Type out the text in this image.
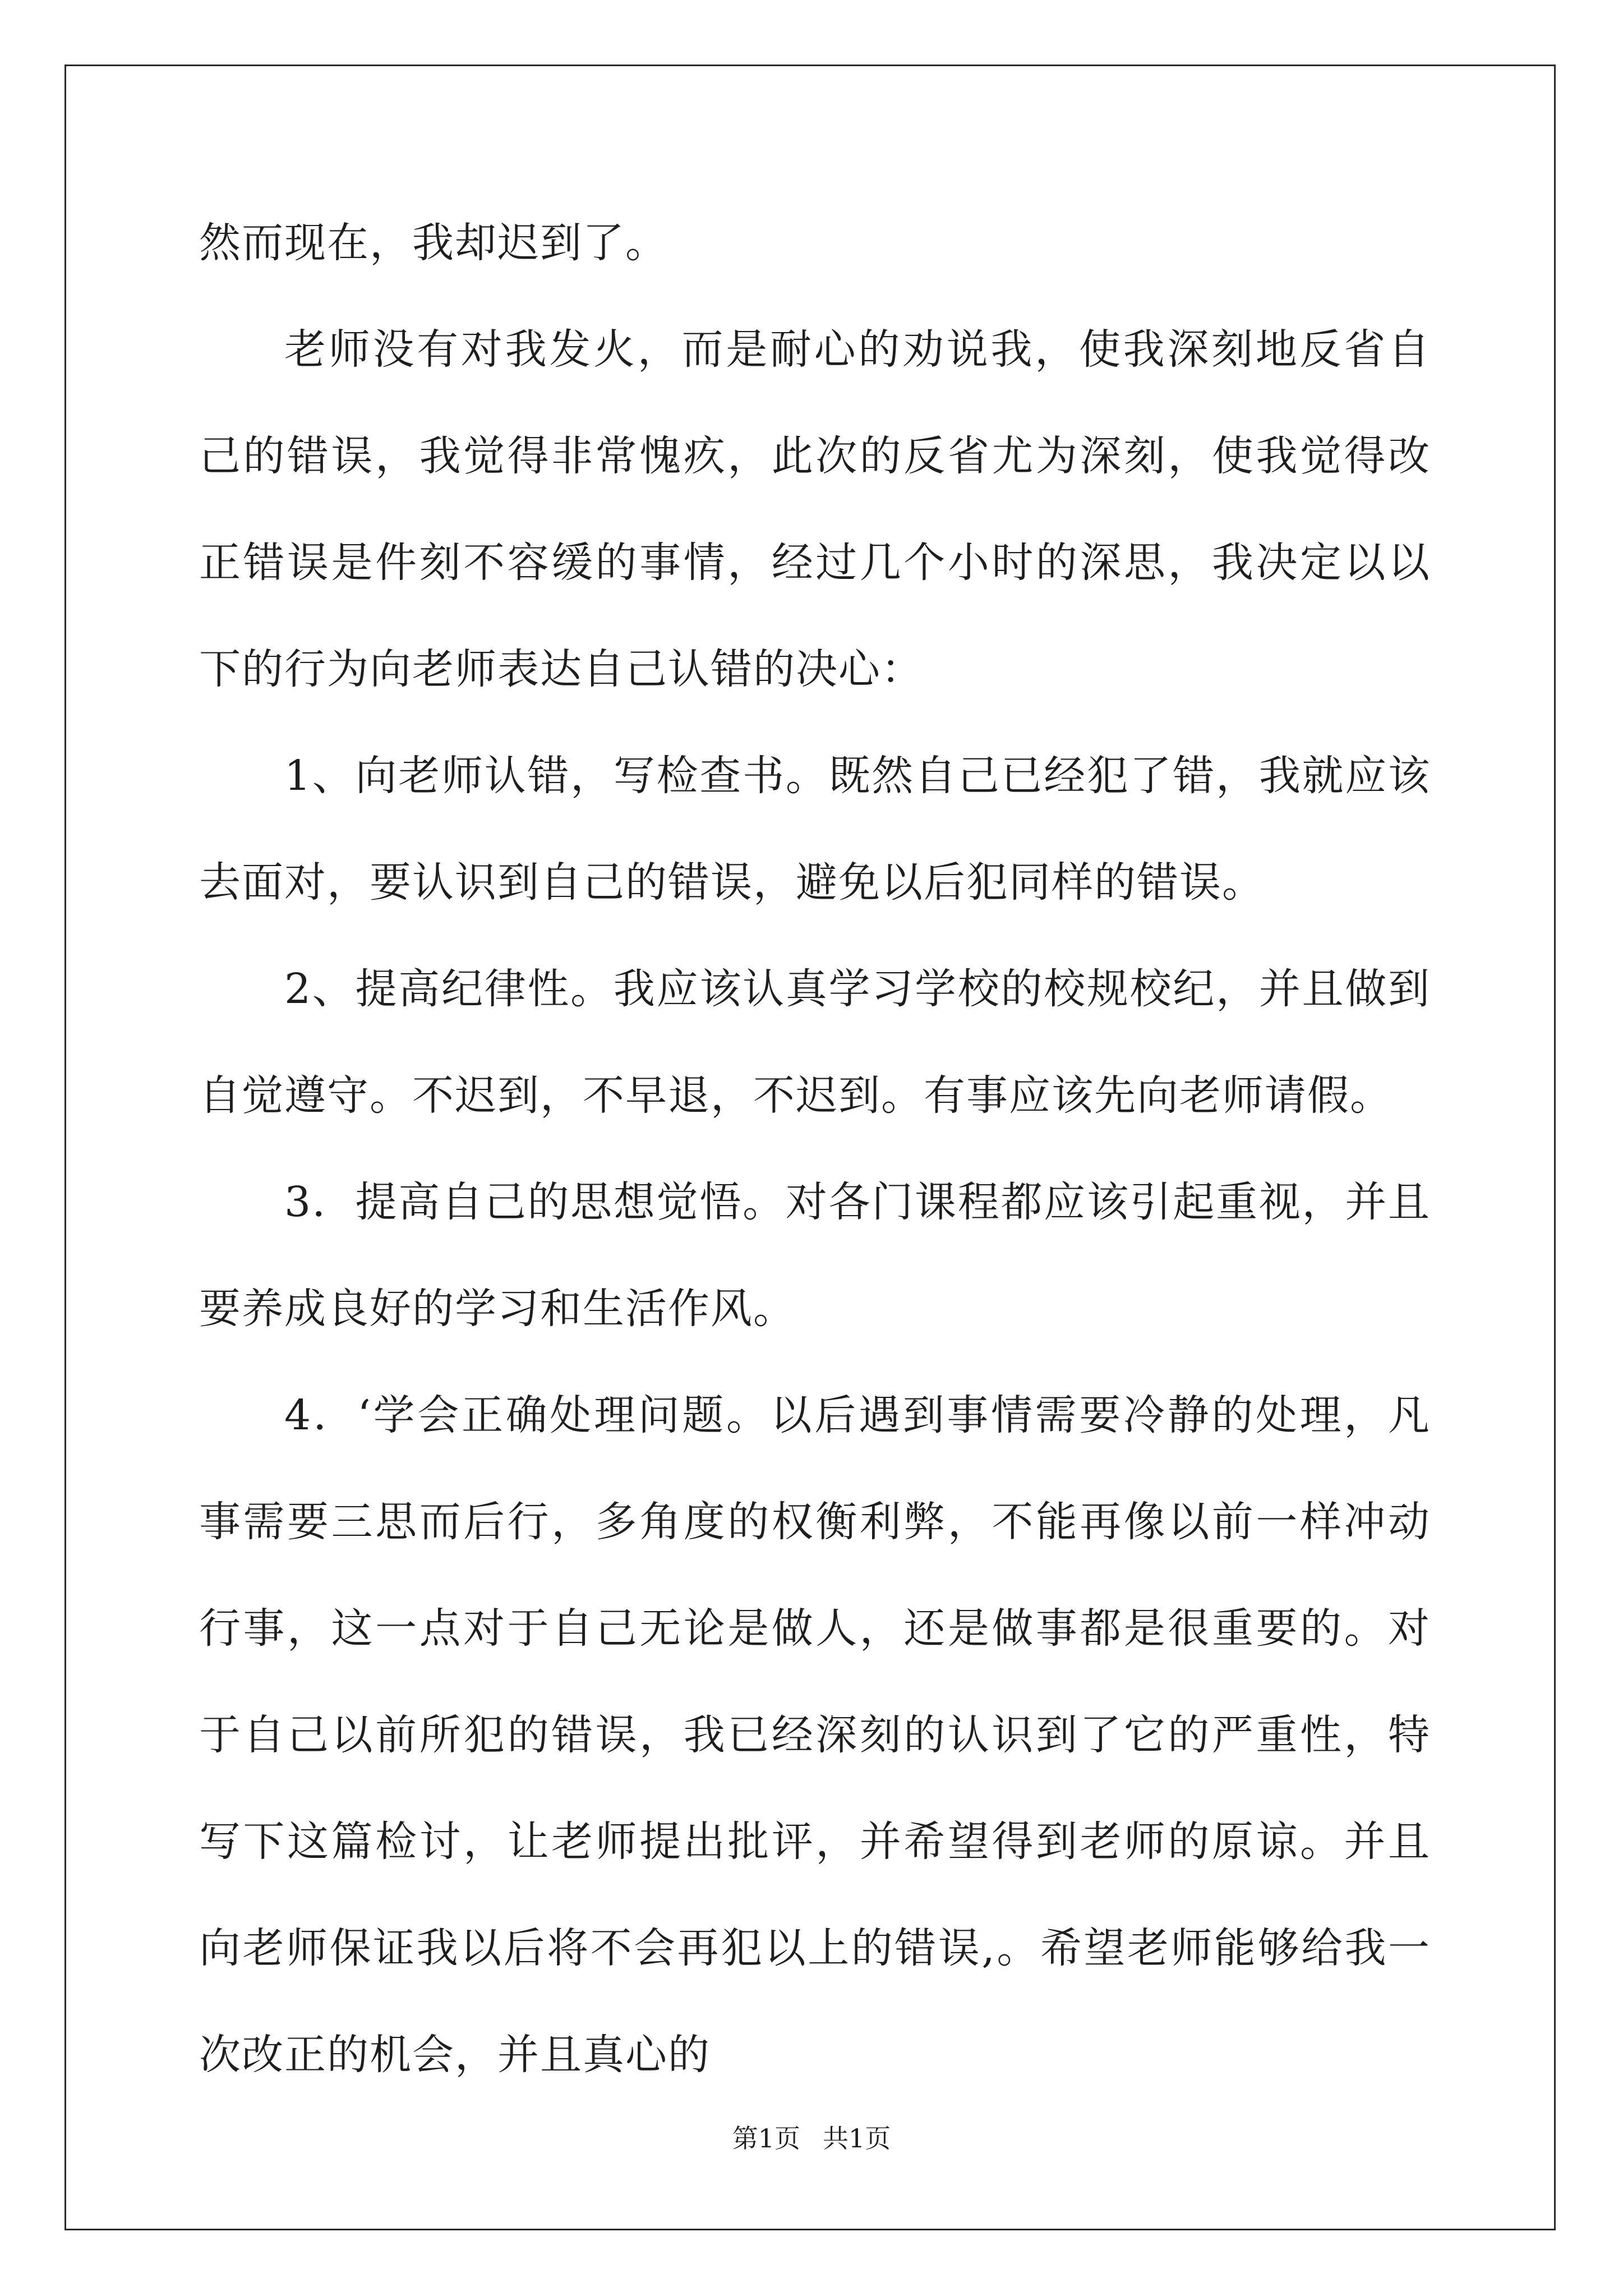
然而现在，我却迟到了。

老师没有对我发火，而是耐心的劝说我，使我深刻地反省自己的错误，我觉得非常愧疚，此次的反省尤为深刻，使我觉得改正错误是件刻不容缓的事情，经过几个小时的深思，我决定以以下的行为向老师表达自己认错的决心：

1、向老师认错，写检查书。既然自己已经犯了错，我就应该去面对，要认识到自己的错误，避免以后犯同样的错误。

2、提高纪律性。我应该认真学习学校的校规校纪，并且做到自觉遵守。不迟到，不早退，不迟到。有事应该先向老师请假。

3．提高自己的思想觉悟。对各门课程都应该引起重视，并且要养成良好的学习和生活作风。

4．‘学会正确处理问题。以后遇到事情需要冷静的处理，凡事需要三思而后行，多角度的权衡利弊，不能再像以前一样冲动行事，这一点对于自己无论是做人，还是做事都是很重要的。对于自己以前所犯的错误，我已经深刻的认识到了它的严重性，特写下这篇检讨，让老师提出批评，并希望得到老师的原谅。并且向老师保证我以后将不会再犯以上的错误,。希望老师能够给我一次改正的机会，并且真心的

第1页 共1页
